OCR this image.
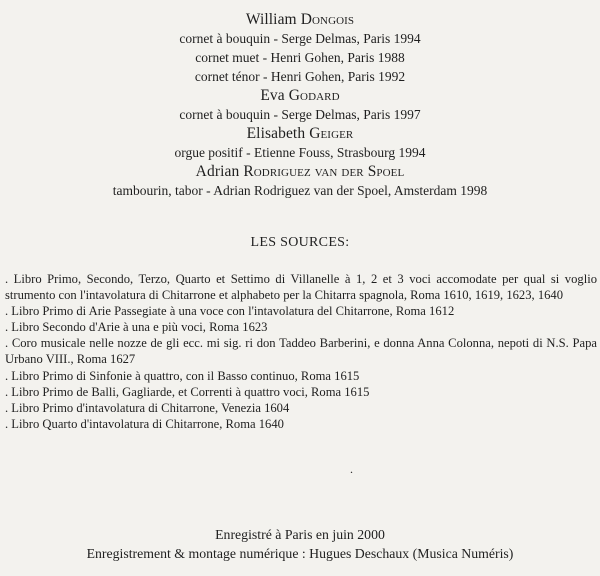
William Dongois
cornet à bouquin - Serge Delmas, Paris 1994
cornet muet - Henri Gohen, Paris 1988
cornet ténor - Henri Gohen, Paris 1992
Eva Godard
cornet à bouquin - Serge Delmas, Paris 1997
Elisabeth Geiger
orgue positif - Etienne Fouss, Strasbourg 1994
Adrian Rodriguez van der Spoel
tambourin, tabor - Adrian Rodriguez van der Spoel, Amsterdam 1998
LES SOURCES:

. Libro Primo, Secondo, Terzo, Quarto et Settimo di Villanelle à 1, 2 et 3 voci accomodate per qual si voglio strumento con l'intavolatura di Chitarrone et alphabeto per la Chitarra spagnola, Roma 1610, 1619, 1623, 1640

. Libro Primo di Arie Passegiate à una voce con l'intavolatura del Chitarrone, Roma 1612

. Libro Secondo d'Arie à una e più voci, Roma 1623

. Coro musicale nelle nozze de gli ecc. mi sig. ri don Taddeo Barberini, e donna Anna Colonna, nepoti di N.S. Papa Urbano VIII., Roma 1627

. Libro Primo di Sinfonie à quattro, con il Basso continuo, Roma 1615

. Libro Primo de Balli, Gagliarde, et Correnti à quattro voci, Roma 1615

. Libro Primo d'intavolatura di Chitarrone, Venezia 1604

. Libro Quarto d'intavolatura di Chitarrone, Roma 1640

.
Enregistré à Paris en juin 2000
Enregistrement & montage numérique : Hugues Deschaux (Musica Numéris)
